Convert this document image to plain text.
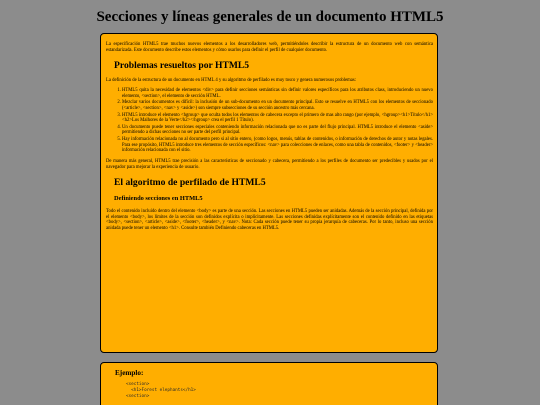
Secciones y líneas generales de un documento HTML5

La especificación HTML5 trae muchos nuevos elementos a los desarrolladores web, permitiéndoles describir la estructura de un documento web con semántica estandarizada. Este documento describe estos elementos y cómo usarlos para definir el perfil de cualquier documento.

Problemas resueltos por HTML5

La definición de la estructura de un documento en HTML 4 y su algoritmo de perfilado es muy tosco y genera numerosos problemas:

1. HTML5 quita la necesidad de elementos <div> para definir secciones semánticas sin definir valores específicos para los atributos class, introduciendo un nuevo elemento, <section>, el elemento de sección HTML.
2. Mezclar varios documentos es difícil: la inclusión de un sub-documento en un documento principal. Esto se resuelve en HTML5 con los elementos de seccionado (<article>, <section>, <nav> y <aside>) son siempre subsecciones de su sección ancestro más cercana.
3. HTML5 introduce el elemento <hgroup> que oculta todos los elementos de cabecera excepto el primero de mas alto rango (por ejemplo, <hgroup><h1>Título</h1><h2>Los Malhores de la Verte</h2></hgroup> crea el perfil 1 Título).
4. Un documento puede tener secciones especiales conteniendo información relacionada que no es parte del flujo principal. HTML5 introduce el elemento <aside> permitiendo a dichas secciones no ser parte del perfil principal.
5. Hay información relacionada no al documento pero si al sitio entero, (como logos, menús, tablas de contenidos, o información de derechos de autor y notas legales. Para ese propósito, HTML5 introduce tres elementos de sección específicos: <nav> para colecciones de enlaces, como una tabla de contenidos, <footer> y <header> información relacionada con el sitio.

De manera más general, HTML5 trae precisión a las características de seccionado y cabecera, permitiendo a los perfiles de documento ser predecibles y usados por el navegador para mejorar la experiencia de usuario.

El algoritmo de perfilado de HTML5
Definiendo secciones en HTML5

Todo el contenido incluido dentro del elemento <body> es parte de una sección. Las secciones en HTML5 pueden ser anidadas. Además de la sección principal, definida por el elemento <body>, los límites de la sección son definidos explícita o implícitamente. Las secciones definidas explícitamente son el contenido definido en las etiquetas <body>, <section>, <article>, <aside>, <footer>, <header>, y <nav>. Nota: Cada sección puede tener su propia jerarquía de cabeceras. Por lo tanto, incluso una sección anidada puede tener un elemento <h1>. Consulte también Definiendo cabeceras en HTML5.

Ejemplo:
<section>
<h1>Forest elephants</h1>
<section>
